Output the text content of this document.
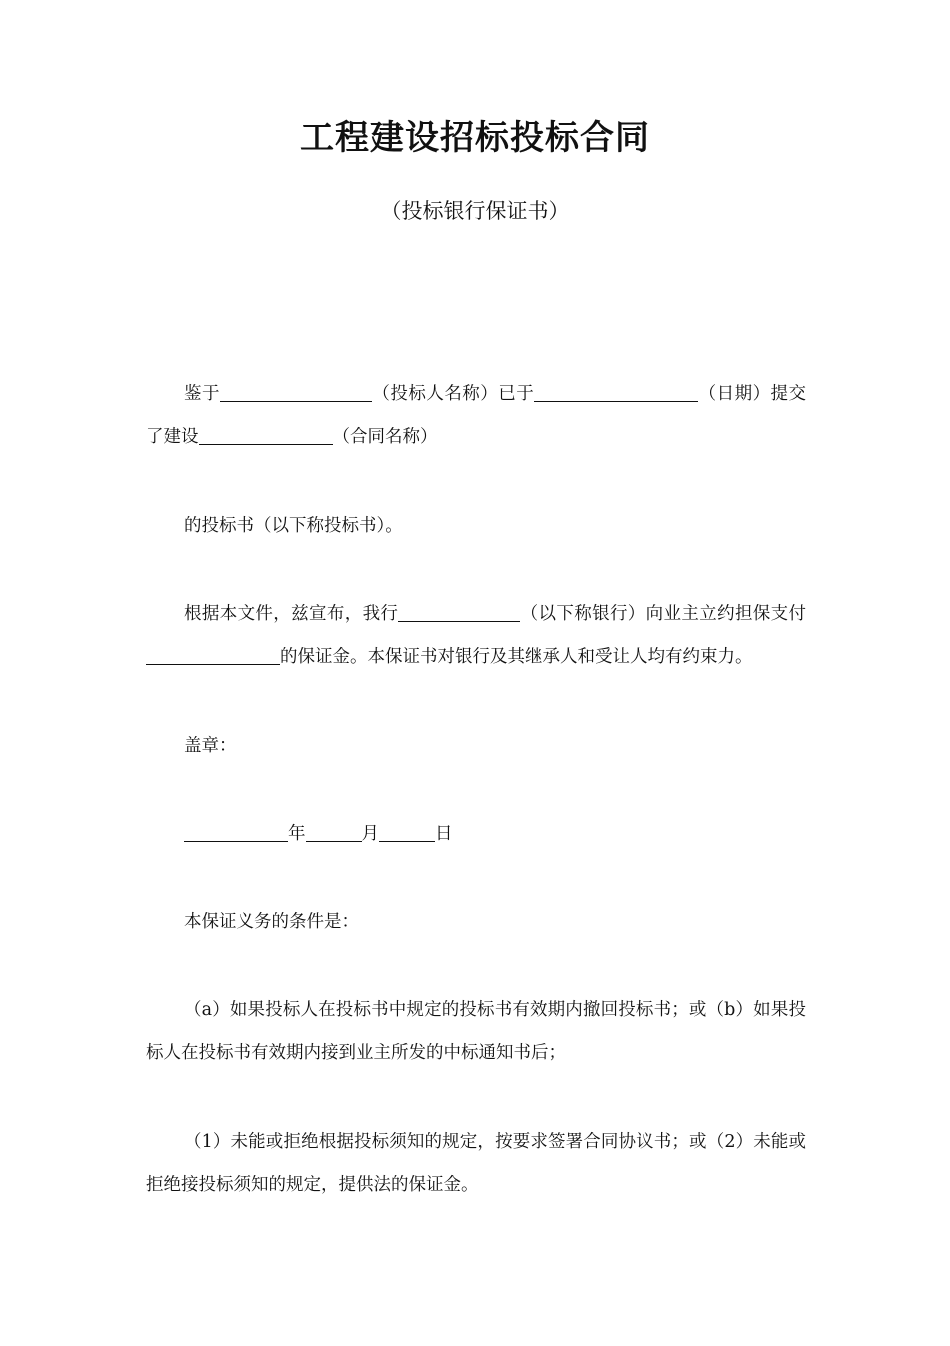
工程建设招标投标合同
（投标银行保证书）
鉴于	（投标人名称）已于	（日期）提交了建设	（合同名称）
的投标书（以下称投标书）。
根据本文件，兹宣布，我行	（以下称银行）向业主立约担保支付的保证金。本保证书对银行及其继承人和受让人均有约束力。
盖章：
年	月	日
本保证义务的条件是：
（a）如果投标人在投标书中规定的投标书有效期内撤回投标书；或（b）如果投标人在投标书有效期内接到业主所发的中标通知书后；
（1）未能或拒绝根据投标须知的规定，按要求签署合同协议书；或（2）未能或拒绝接投标须知的规定，提供法的保证金。
